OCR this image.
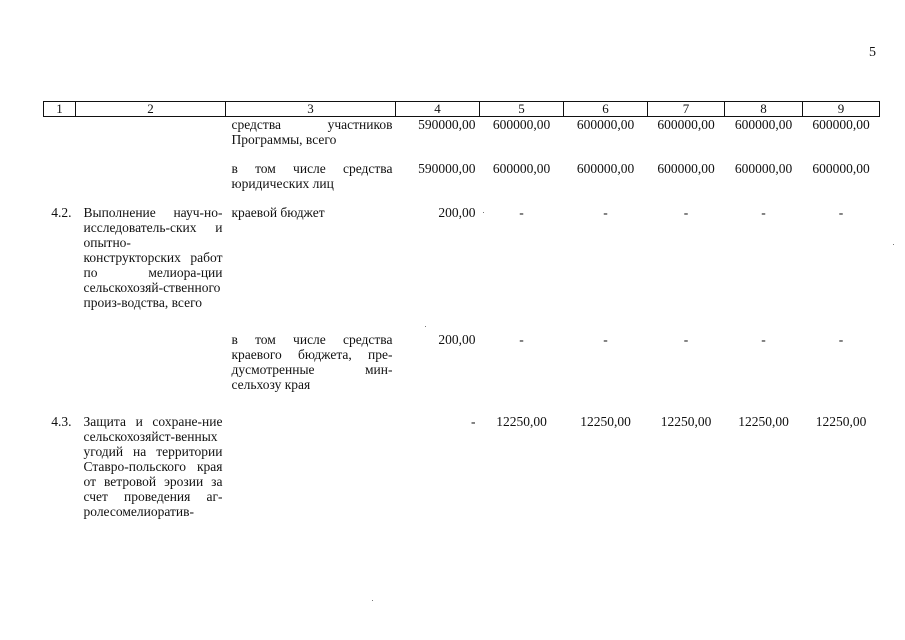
5
1	2	3	4	5	6	7	8	9
		средства участников Программы, всего	590000,00	600000,00	600000,00	600000,00	600000,00	600000,00

		в том числе средства юридических лиц	590000,00	600000,00	600000,00	600000,00	600000,00	600000,00

4.2.	Выполнение науч-но-исследователь-ских и опытно-конструкторских работ по мелиора-ции сельскохозяй-ственного произ-водства, всего	краевой бюджет	200,00	-	-	-	-	-

		в том числе средства краевого бюджета, пре-дусмотренные мин-сельхозу края	200,00	-	-	-	-	-

4.3.	Защита и сохране-ние сельскохозяйст-венных угодий на территории Ставро-польского края от ветровой эрозии за счет проведения аг-ролесомелиоратив-		-	12250,00	12250,00	12250,00	12250,00	12250,00
